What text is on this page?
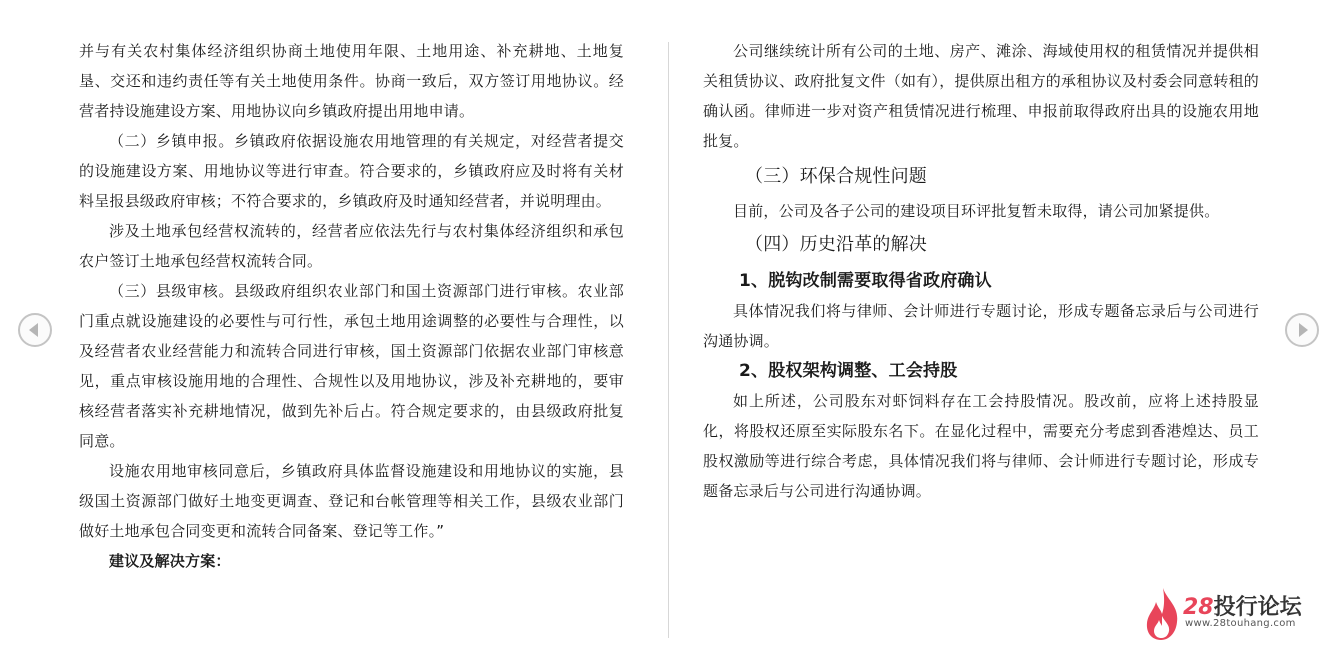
并与有关农村集体经济组织协商土地使用年限、土地用途、补充耕地、土地复垦、交还和违约责任等有关土地使用条件。协商一致后，双方签订用地协议。经营者持设施建设方案、用地协议向乡镇政府提出用地申请。

（二）乡镇申报。乡镇政府依据设施农用地管理的有关规定，对经营者提交的设施建设方案、用地协议等进行审查。符合要求的，乡镇政府应及时将有关材料呈报县级政府审核；不符合要求的，乡镇政府及时通知经营者，并说明理由。

涉及土地承包经营权流转的，经营者应依法先行与农村集体经济组织和承包农户签订土地承包经营权流转合同。

（三）县级审核。县级政府组织农业部门和国土资源部门进行审核。农业部门重点就设施建设的必要性与可行性，承包土地用途调整的必要性与合理性，以及经营者农业经营能力和流转合同进行审核，国土资源部门依据农业部门审核意见，重点审核设施用地的合理性、合规性以及用地协议，涉及补充耕地的，要审核经营者落实补充耕地情况，做到先补后占。符合规定要求的，由县级政府批复同意。

设施农用地审核同意后，乡镇政府具体监督设施建设和用地协议的实施，县级国土资源部门做好土地变更调查、登记和台帐管理等相关工作，县级农业部门做好土地承包合同变更和流转合同备案、登记等工作。”

建议及解决方案：

公司继续统计所有公司的土地、房产、滩涂、海域使用权的租赁情况并提供相关租赁协议、政府批复文件（如有），提供原出租方的承租协议及村委会同意转租的确认函。律师进一步对资产租赁情况进行梳理、申报前取得政府出具的设施农用地批复。

（三）环保合规性问题

目前，公司及各子公司的建设项目环评批复暂未取得，请公司加紧提供。

（四）历史沿革的解决

1、脱钩改制需要取得省政府确认

具体情况我们将与律师、会计师进行专题讨论，形成专题备忘录后与公司进行沟通协调。

2、股权架构调整、工会持股

如上所述，公司股东对虾饲料存在工会持股情况。股改前，应将上述持股显化，将股权还原至实际股东名下。在显化过程中，需要充分考虑到香港煌达、员工股权激励等进行综合考虑，具体情况我们将与律师、会计师进行专题讨论，形成专题备忘录后与公司进行沟通协调。

28投行论坛
www.28touhang.com
